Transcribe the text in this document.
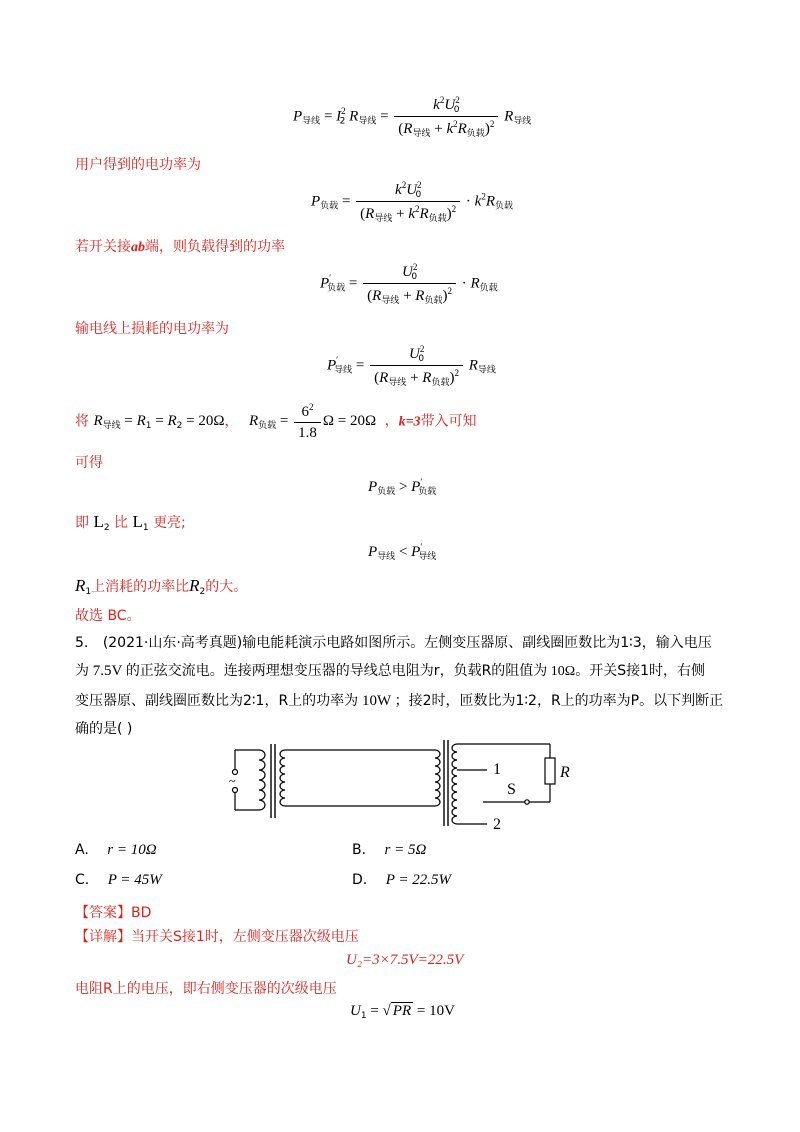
$P_{导线} = I^2_2$ $R_{导线} = \frac{k^2U^2_0}{(R_{导线} + k^2R_{负载})^2} R_{导线}$
用户得到的电功率为
$P_{负载} = \frac{k^2U^2_0}{(R_{导线} + k^2R_{负载})^2} \cdot k^2R_{负载}$
若开关接ab端，则负载得到的功率
$P'_{负载} = \frac{U^2_0}{(R_{导线} + R_{负载})^2} \cdot R_{负载}$
输电线上损耗的电功率为
$P'_{导线} = \frac{U^2_0}{(R_{导线} + R_{负载})^2} R_{导线}$
将 $R_{导线} = R_1 = R_2 = 20\Omega$， $R_{负载} = \frac{6^2}{1.8}$ Ω = 20Ω ，k=3带入可知
可得
$P_{负载} > P'_{负载}$
即 $L_2$ 比 $L_1$ 更亮;
$P_{导线} < P'_{导线}$
$R_1$上消耗的功率比$R_2$的大。
故选 BC。
5. (2021·山东·高考真题)输电能耗演示电路如图所示。左侧变压器原、副线圈匝数比为1∶3，输入电压
为 7.5V 的正弦交流电。连接两理想变压器的导线总电阻为r，负载R的阻值为 10Ω。开关S接1时，右侧
变压器原、副线圈匝数比为2∶1，R上的功率为 10W ；接2时，匝数比为1∶2，R上的功率为P。以下判断正
确的是( )
~
1
2
S
R
A. r = 10Ω	B. r = 5Ω
C. P = 45W	D. P = 22.5W
【答案】BD
【详解】当开关S接1时，左侧变压器次级电压
U₂=3×7.5V=22.5V
电阻R上的电压，即右侧变压器的次级电压
$U_1$ = √ PR = 10V
